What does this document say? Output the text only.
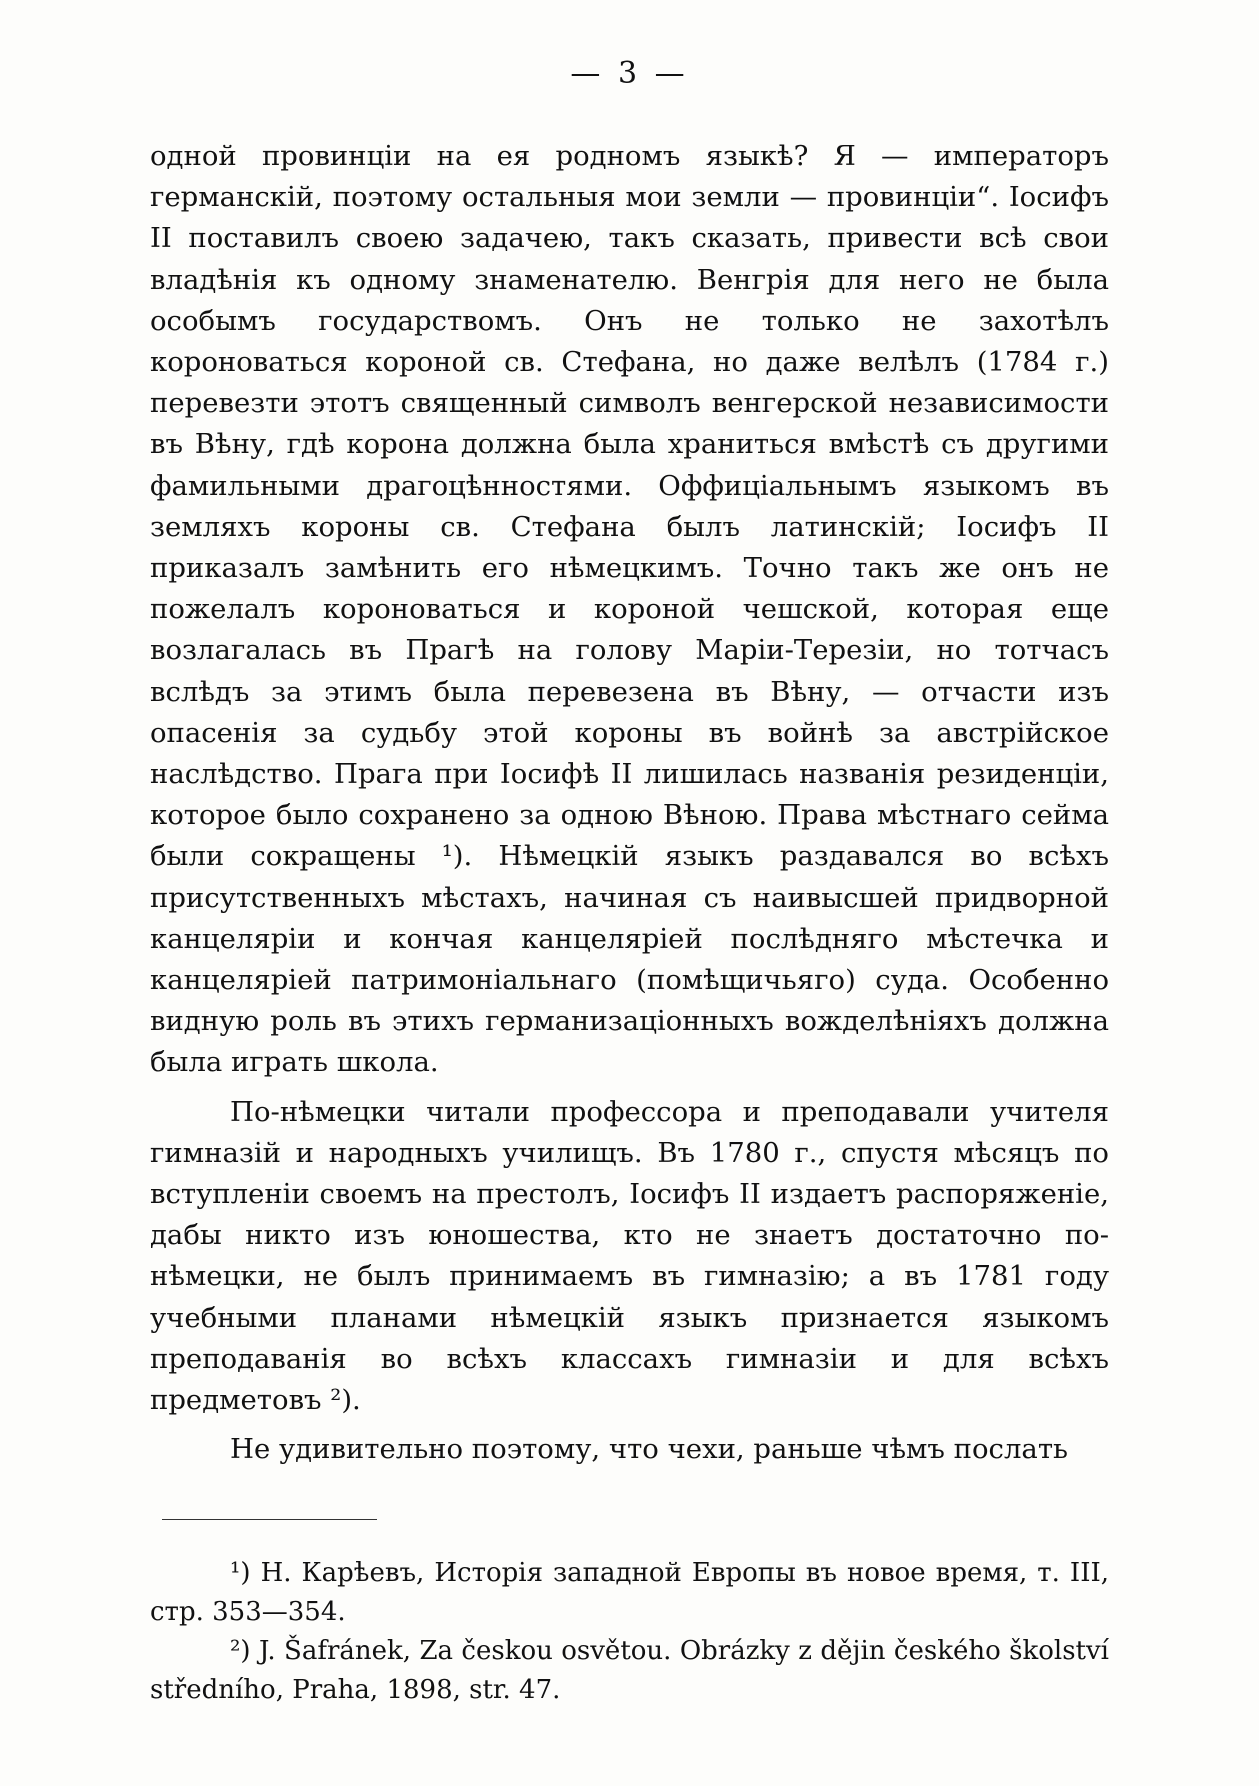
— 3 —

одной провинціи на ея родномъ языкѣ? Я — императоръ германскій, поэтому остальныя мои земли — провинціи“. Іосифъ II поставилъ своею задачею, такъ сказать, привести всѣ свои владѣнія къ одному знаменателю. Венгрія для него не была особымъ государствомъ. Онъ не только не захотѣлъ короноваться короной св. Стефана, но даже велѣлъ (1784 г.) перевезти этотъ священный символъ венгерской независимости въ Вѣну, гдѣ корона должна была храниться вмѣстѣ съ другими фамильными драгоцѣнностями. Оффиціальнымъ языкомъ въ земляхъ короны св. Стефана былъ латинскій; Іосифъ II приказалъ замѣнить его нѣмецкимъ. Точно такъ же онъ не пожелалъ короноваться и короной чешской, которая еще возлагалась въ Прагѣ на голову Маріи-Терезіи, но тотчасъ вслѣдъ за этимъ была перевезена въ Вѣну, — отчасти изъ опасенія за судьбу этой короны въ войнѣ за австрійское наслѣдство. Прага при Іосифѣ II лишилась названія резиденціи, которое было сохранено за одною Вѣною. Права мѣстнаго сейма были сокращены ¹). Нѣмецкій языкъ раздавался во всѣхъ присутственныхъ мѣстахъ, начиная съ наивысшей придворной канцеляріи и кончая канцеляріей послѣдняго мѣстечка и канцеляріей патримоніальнаго (помѣщичьяго) суда. Особенно видную роль въ этихъ германизаціонныхъ вожделѣніяхъ должна была играть школа.

По-нѣмецки читали профессора и преподавали учителя гимназій и народныхъ училищъ. Въ 1780 г., спустя мѣсяцъ по вступленіи своемъ на престолъ, Іосифъ II издаетъ распоряженіе, дабы никто изъ юношества, кто не знаетъ достаточно по-нѣмецки, не былъ принимаемъ въ гимназію; а въ 1781 году учебными планами нѣмецкій языкъ признается языкомъ преподаванія во всѣхъ классахъ гимназіи и для всѣхъ предметовъ ²).

Не удивительно поэтому, что чехи, раньше чѣмъ послать

¹) Н. Карѣевъ, Исторія западной Европы въ новое время, т. III, стр. 353—354.

²) J. Šafránek, Za českou osvětou. Obrázky z dějin českého školství středního, Praha, 1898, str. 47.
